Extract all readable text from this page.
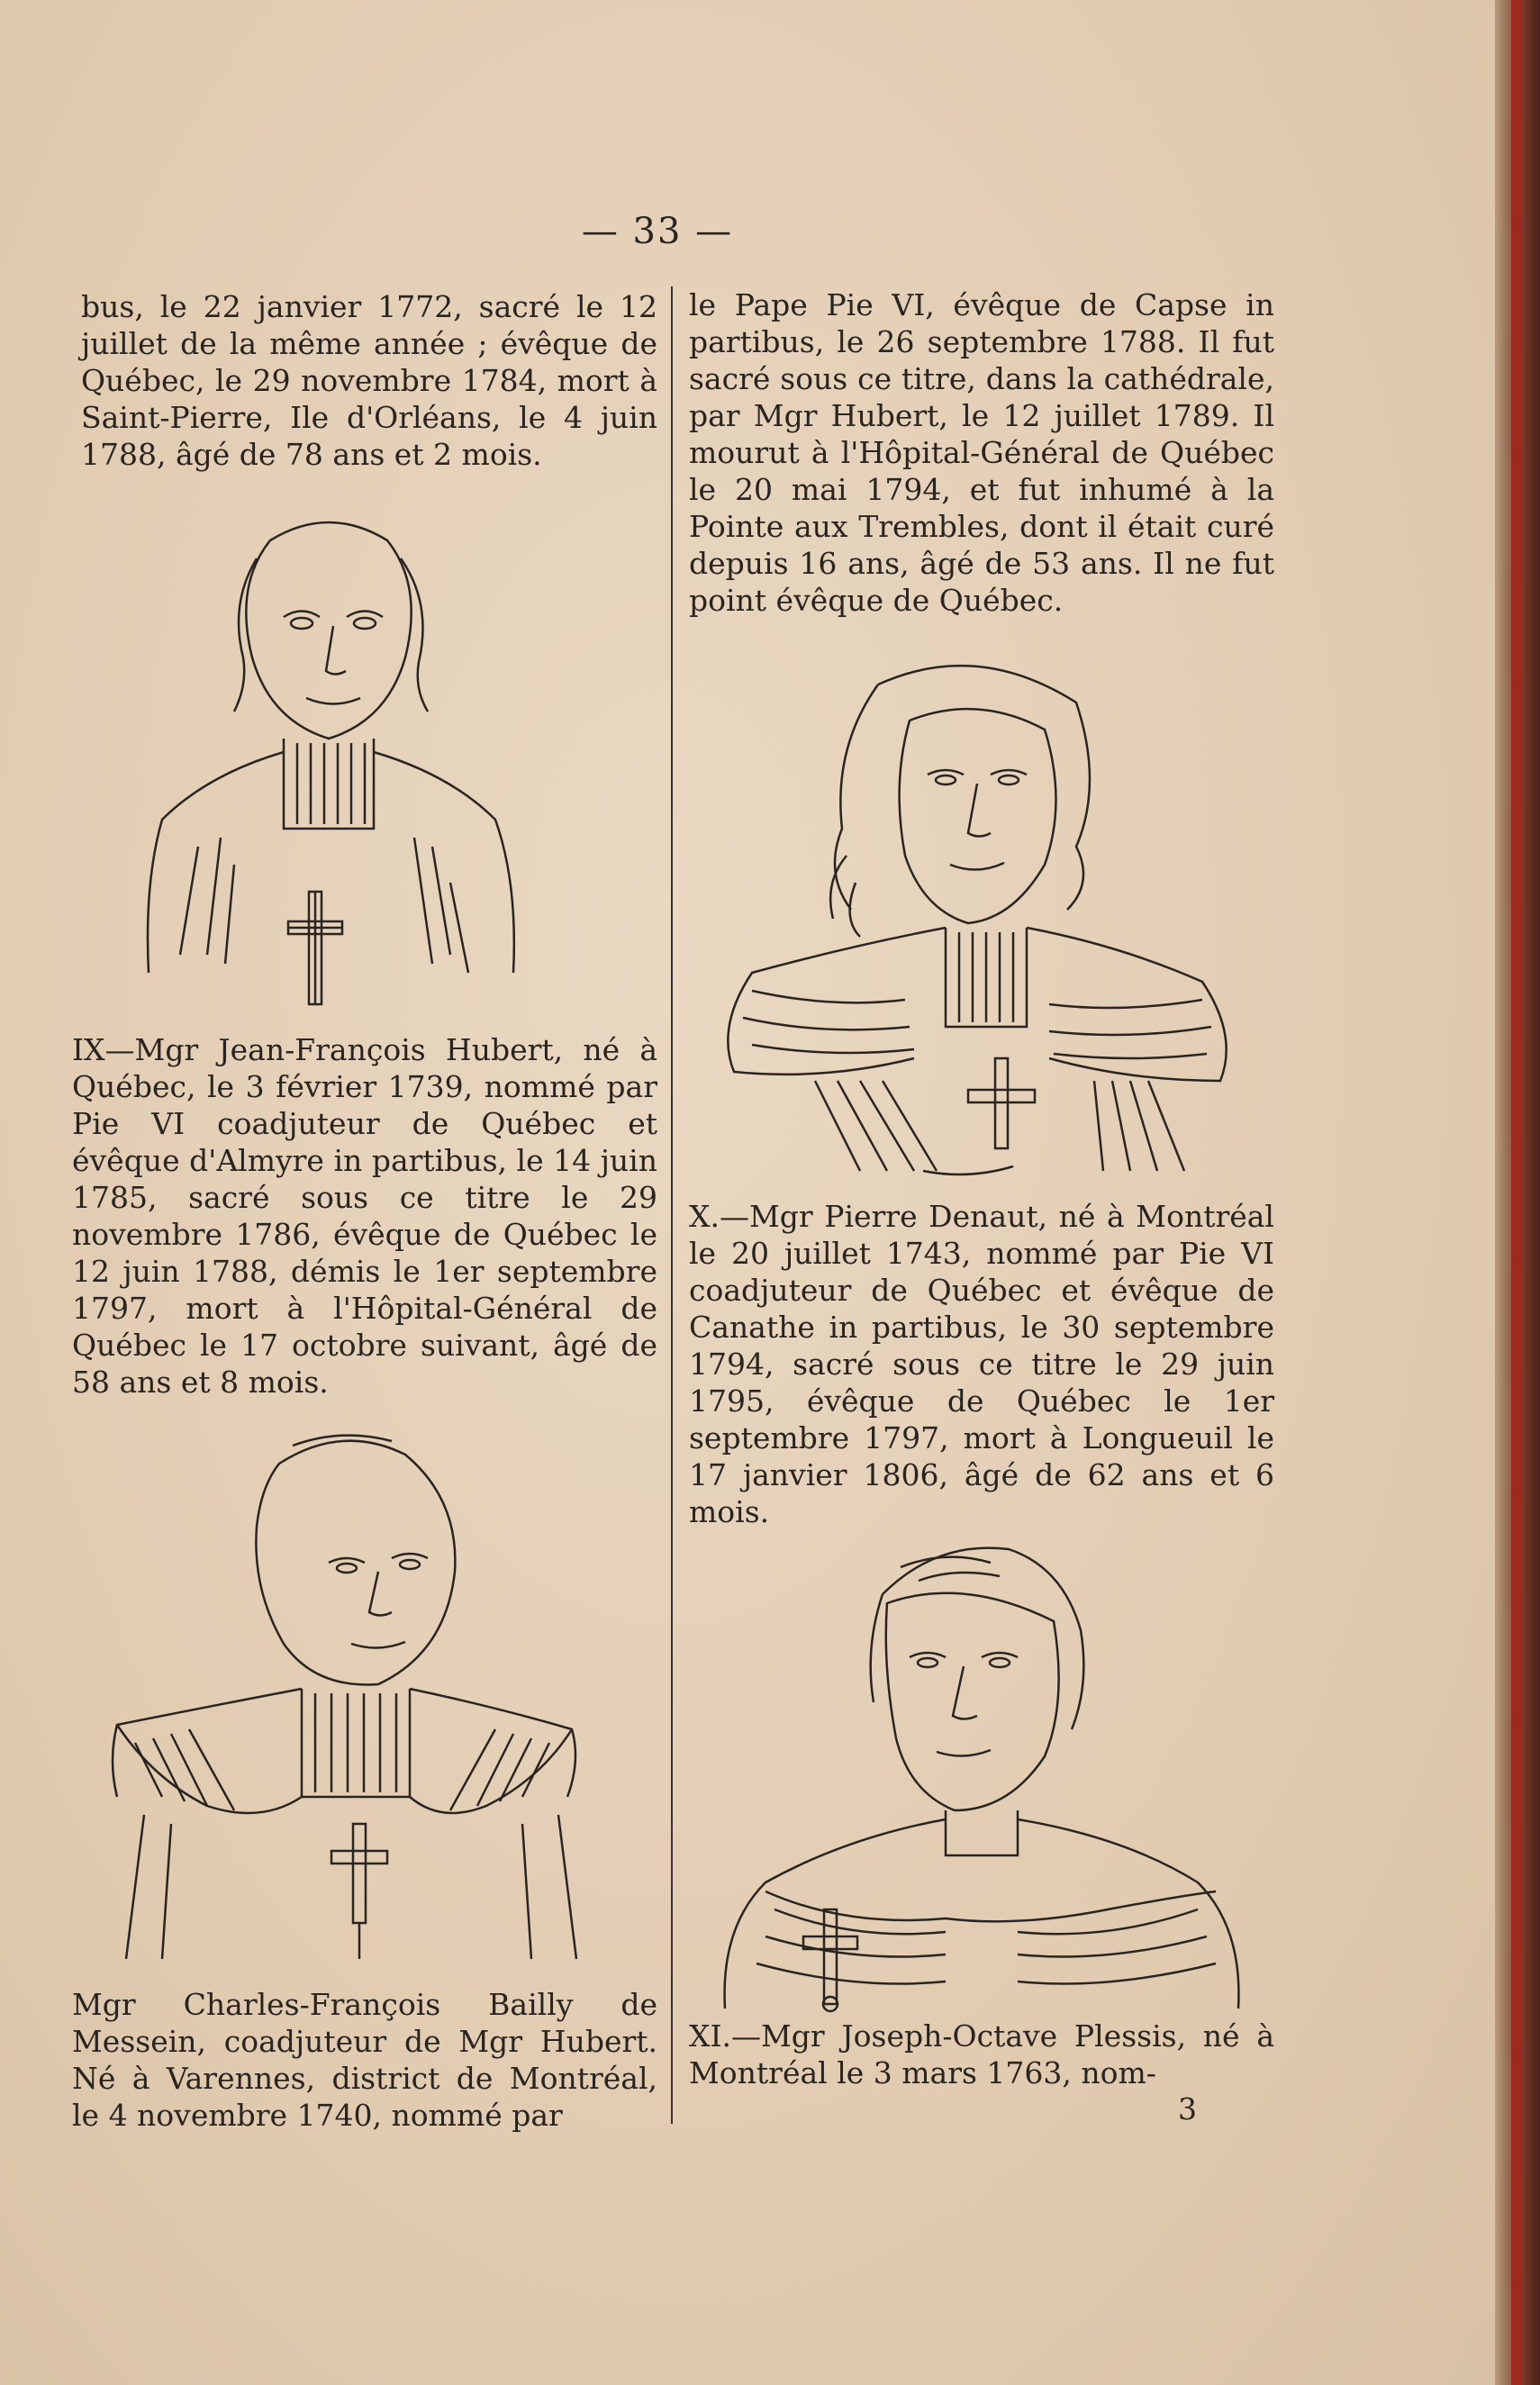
— 33 —

bus, le 22 janvier 1772, sacré le 12 juillet de la même année ; évêque de Québec, le 29 novembre 1784, mort à Saint-Pierre, Ile d'Orléans, le 4 juin 1788, âgé de 78 ans et 2 mois.

IX—Mgr Jean-François Hubert, né à Québec, le 3 février 1739, nommé par Pie VI coadjuteur de Québec et évêque d'Almyre in partibus, le 14 juin 1785, sacré sous ce titre le 29 novembre 1786, évêque de Québec le 12 juin 1788, démis le 1er septembre 1797, mort à l'Hôpital-Général de Québec le 17 octobre suivant, âgé de 58 ans et 8 mois.

Mgr Charles-François Bailly de Messein, coadjuteur de Mgr Hubert. Né à Varennes, district de Montréal, le 4 novembre 1740, nommé par

le Pape Pie VI, évêque de Capse in partibus, le 26 septembre 1788. Il fut sacré sous ce titre, dans la cathédrale, par Mgr Hubert, le 12 juillet 1789. Il mourut à l'Hôpital-Général de Québec le 20 mai 1794, et fut inhumé à la Pointe aux Trembles, dont il était curé depuis 16 ans, âgé de 53 ans. Il ne fut point évêque de Québec.

X.—Mgr Pierre Denaut, né à Montréal le 20 juillet 1743, nommé par Pie VI coadjuteur de Québec et évêque de Canathe in partibus, le 30 septembre 1794, sacré sous ce titre le 29 juin 1795, évêque de Québec le 1er septembre 1797, mort à Longueuil le 17 janvier 1806, âgé de 62 ans et 6 mois.

XI.—Mgr Joseph-Octave Plessis, né à Montréal le 3 mars 1763, nom-

3
